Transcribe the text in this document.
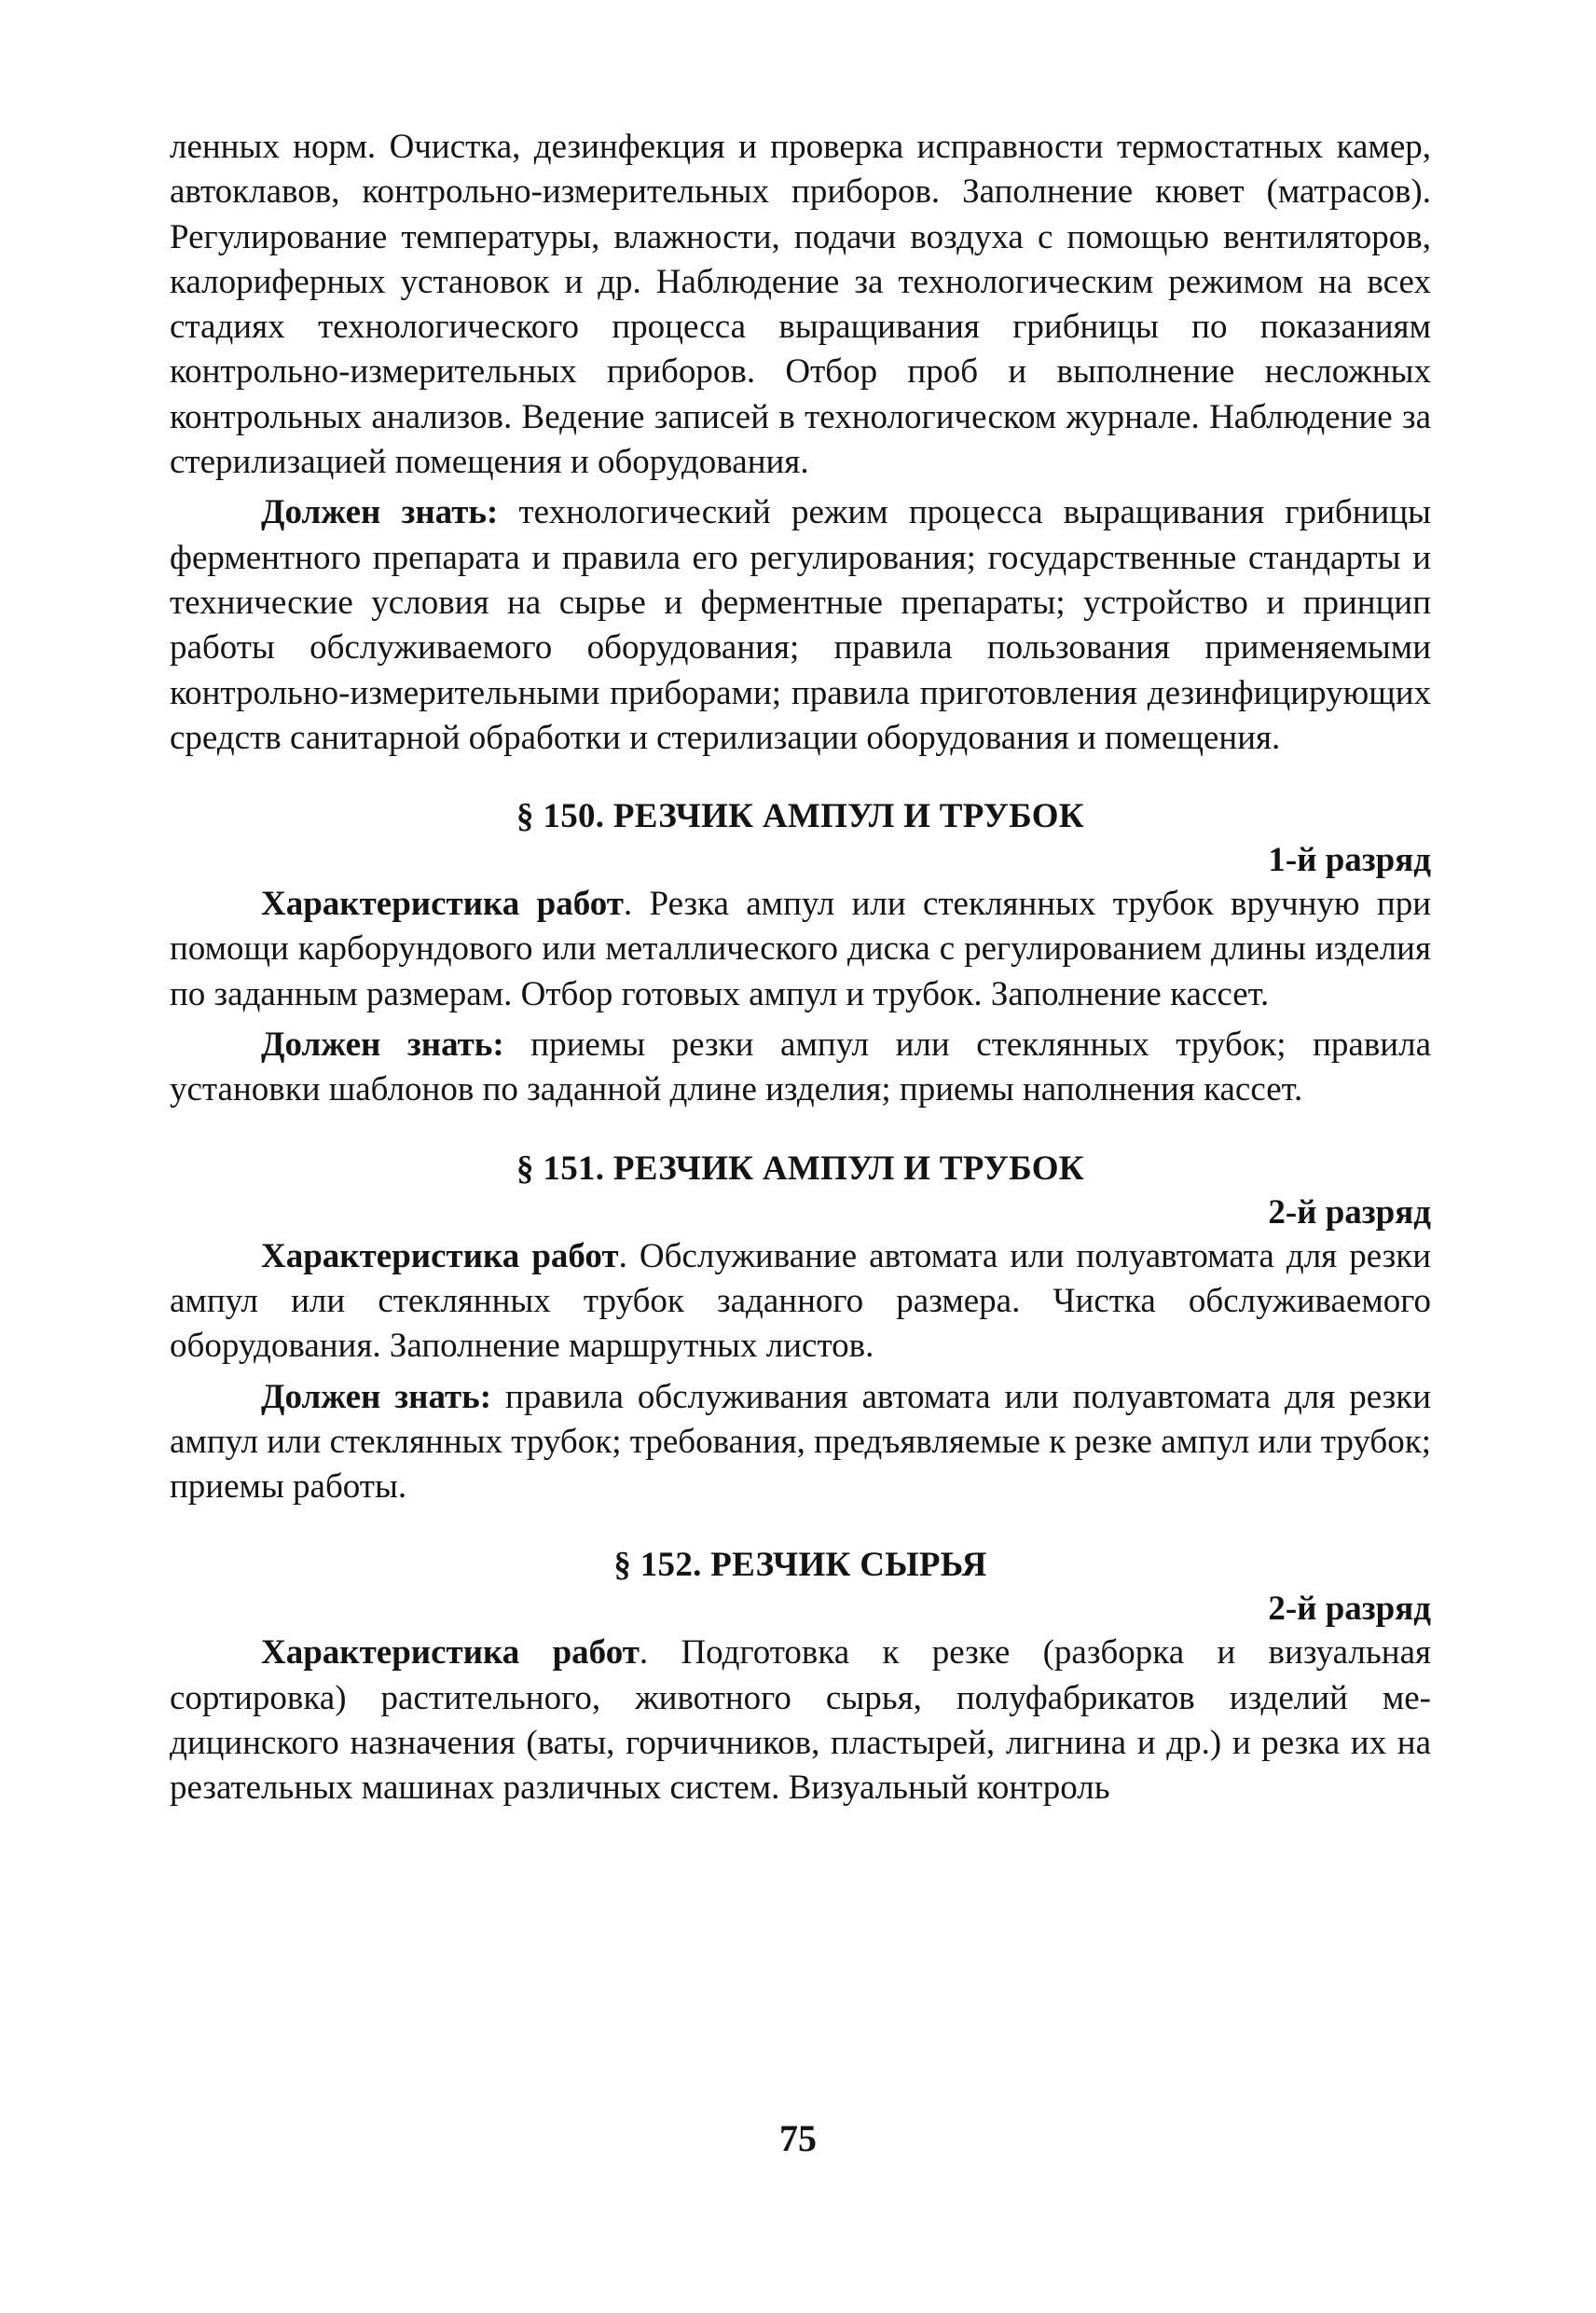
ленных норм. Очистка, дезинфекция и проверка исправности термостатных камер, автоклавов, контрольно-измерительных приборов. Заполнение кювет (матрасов). Регулирование температуры, влажности, подачи воздуха с помощью вентиляторов, калориферных установок и др. Наблюдение за технологическим режимом на всех стадиях технологического процесса выращивания грибницы по показаниям контрольно-измерительных приборов. Отбор проб и выполнение несложных контрольных анализов. Ведение записей в технологическом журнале. Наблюдение за стерилизацией помещения и оборудования.

Должен знать: технологический режим процесса выращивания грибницы ферментного препарата и правила его регулирования; государственные стандарты и технические условия на сырье и ферментные препараты; устройство и принцип работы обслуживаемого оборудования; правила пользования применяемыми контрольно-измерительными приборами; правила приготовления дезинфицирующих средств санитарной обработки и стерилизации оборудования и помещения.

§ 150. РЕЗЧИК АМПУЛ И ТРУБОК

1-й разряд

Характеристика работ. Резка ампул или стеклянных трубок вручную при помощи карборундового или металлического диска с регулированием длины изделия по заданным размерам. Отбор готовых ампул и трубок. Заполнение кассет.

Должен знать: приемы резки ампул или стеклянных трубок; правила установки шаблонов по заданной длине изделия; приемы наполнения кассет.

§ 151. РЕЗЧИК АМПУЛ И ТРУБОК

2-й разряд

Характеристика работ. Обслуживание автомата или полуавтомата для резки ампул или стеклянных трубок заданного размера. Чистка обслуживаемого оборудования. Заполнение маршрутных листов.

Должен знать: правила обслуживания автомата или полуавтомата для резки ампул или стеклянных трубок; требования, предъявляемые к резке ампул или трубок; приемы работы.

§ 152. РЕЗЧИК СЫРЬЯ

2-й разряд

Характеристика работ. Подготовка к резке (разборка и визуальная сортировка) растительного, животного сырья, полуфабрикатов изделий медицинского назначения (ваты, горчичников, пластырей, лигнина и др.) и резка их на резательных машинах различных систем. Визуальный контроль

75
